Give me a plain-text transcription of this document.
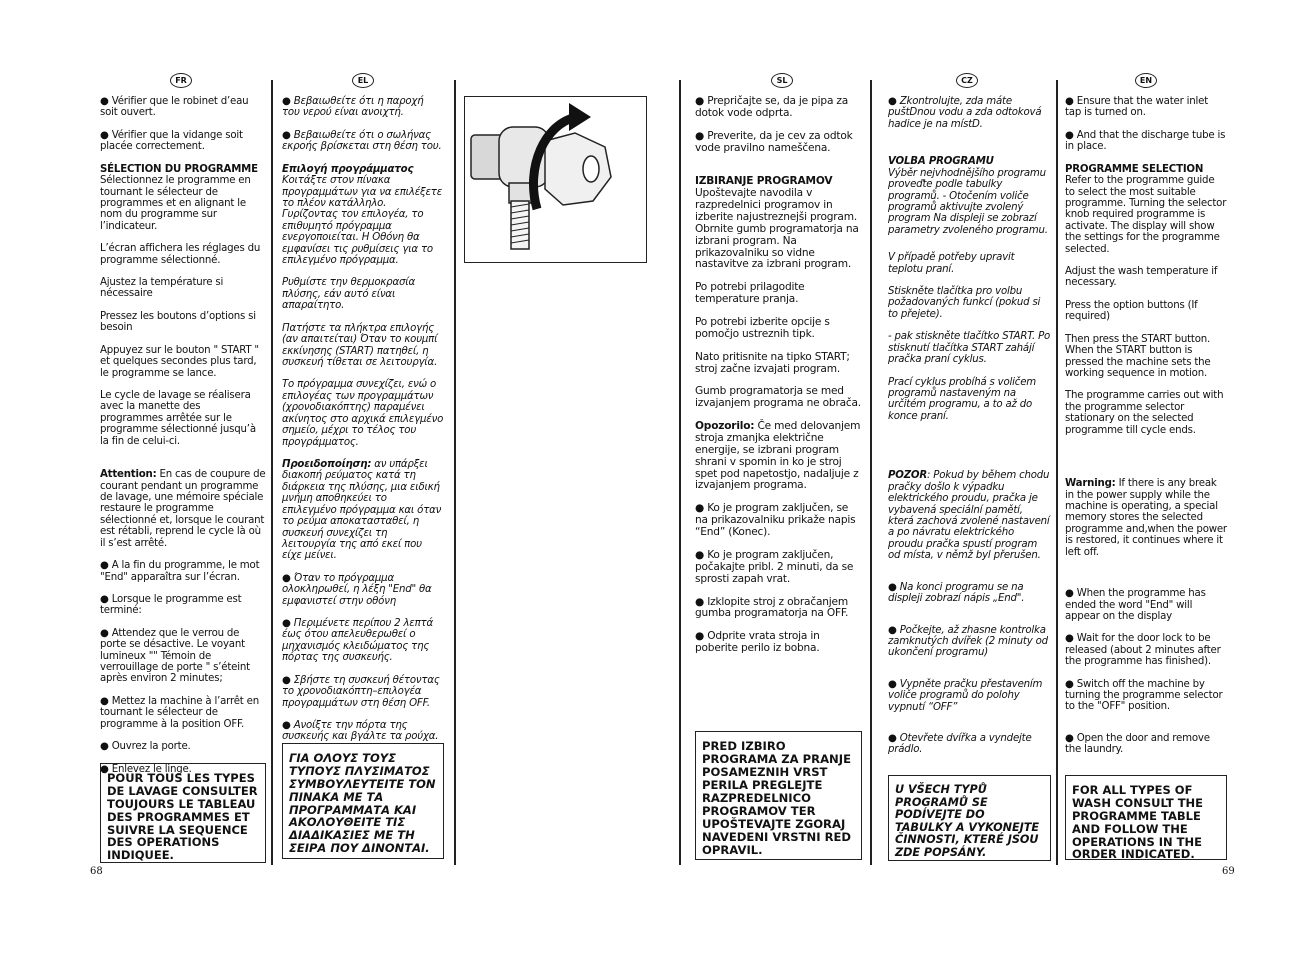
FR	EL	SL	CZ	EN

● Vérifier que le robinet d’eau soit ouvert.

● Vérifier que la vidange soit placée correctement.

SÉLECTION DU PROGRAMME
Sélectionnez le programme en tournant le sélecteur de programmes et en alignant le nom du programme sur l’indicateur.

L’écran affichera les réglages du programme sélectionné.

Ajustez la température si nécessaire

Pressez les boutons d’options si besoin

Appuyez sur le bouton " START " et quelques secondes plus tard, le programme se lance.

Le cycle de lavage se réalisera avec la manette des programmes arrêtée sur le programme sélectionné jusqu’à la fin de celui-ci.

Attention: En cas de coupure de courant pendant un programme de lavage, une mémoire spéciale restaure le programme sélectionné et, lorsque le courant est rétabli, reprend le cycle là où il s’est arrêté.

● A la fin du programme, le mot "End" apparaîtra sur l’écran.

● Lorsque le programme est terminé:

● Attendez que le verrou de porte se désactive. Le voyant lumineux "" Témoin de verrouillage de porte " s’éteint après environ 2 minutes;

● Mettez la machine à l’arrêt en tournant le sélecteur de programme à la position OFF.

● Ouvrez la porte.

● Enlevez le linge.

POUR TOUS LES TYPES DE LAVAGE CONSULTER TOUJOURS LE TABLEAU DES PROGRAMMES ET SUIVRE LA SEQUENCE DES OPERATIONS INDIQUEE.

● Βεβαιωθείτε ότι η παροχή του νερού είναι ανοιχτή.

● Βεβαιωθείτε ότι ο σωλήνας εκροής βρίσκεται στη θέση του.

Επιλογή προγράμματος
Κοιτάξτε στον πίνακα προγραμμάτων για να επιλέξετε το πλέον κατάλληλο. Γυρίζοντας τον επιλογέα, το επιθυμητό πρόγραμμα ενεργοποιείται. Η Οθόνη θα εμφανίσει τις ρυθμίσεις για το επιλεγμένο πρόγραμμα.

Ρυθμίστε την θερμοκρασία πλύσης, εάν αυτό είναι απαραίτητο.

Πατήστε τα πλήκτρα επιλογής (αν απαιτείται) Όταν το κουμπί εκκίνησης (START) πατηθεί, η συσκευή τίθεται σε λειτουργία.

Το πρόγραμμα συνεχίζει, ενώ ο επιλογέας των προγραμμάτων (χρονοδιακόπτης) παραμένει ακίνητος στο αρχικά επιλεγμένο σημείο, μέχρι το τέλος του προγράμματος.

Προειδοποίηση: αν υπάρξει διακοπή ρεύματος κατά τη διάρκεια της πλύσης, μια ειδική μνήμη αποθηκεύει το επιλεγμένο πρόγραμμα και όταν το ρεύμα αποκατασταθεί, η συσκευή συνεχίζει τη λειτουργία της από εκεί που είχε μείνει.

● Όταν το πρόγραμμα ολοκληρωθεί, η λέξη "End" θα εμφανιστεί στην οθόνη

● Περιμένετε περίπου 2 λεπτά έως ότου απελευθερωθεί ο μηχανισμός κλειδώματος της πόρτας της συσκευής.

● Σβήστε τη συσκευή θέτοντας το χρονοδιακόπτη–επιλογέα προγραμμάτων στη θέση OFF.

● Ανοίξτε την πόρτα της συσκευής και βγάλτε τα ρούχα.

ΓΙΑ ΟΛΟΥΣ ΤΟΥΣ ΤΥΠΟΥΣ ΠΛΥΣΙΜΑΤΟΣ ΣΥΜΒΟΥΛΕΥΤΕΙΤΕ ΤΟΝ ΠΙΝΑΚΑ ΜΕ ΤΑ ΠΡΟΓΡΑΜΜΑΤΑ ΚΑΙ ΑΚΟΛΟΥΘΕΙΤΕ ΤΙΣ ΔΙΑΔΙΚΑΣΙΕΣ ΜΕ ΤΗ ΣΕΙΡΑ ΠΟΥ ΔΙΝΟΝΤΑΙ.

● Prepričajte se, da je pipa za dotok vode odprta.

● Preverite, da je cev za odtok vode pravilno nameščena.

IZBIRANJE PROGRAMOV
Upoštevajte navodila v razpredelnici programov in izberite najustreznejši program. Obrnite gumb programatorja na izbrani program. Na prikazovalniku so vidne nastavitve za izbrani program.

Po potrebi prilagodite temperature pranja.

Po potrebi izberite opcije s pomočjo ustreznih tipk.

Nato pritisnite na tipko START; stroj začne izvajati program.

Gumb programatorja se med izvajanjem programa ne obrača.

Opozorilo: Če med delovanjem stroja zmanjka električne energije, se izbrani program shrani v spomin in ko je stroj spet pod napetostjo, nadaljuje z izvajanjem programa.

● Ko je program zaključen, se na prikazovalniku prikaže napis “End” (Konec).

● Ko je program zaključen, počakajte pribl. 2 minuti, da se sprosti zapah vrat.

● Izklopite stroj z obračanjem gumba programatorja na OFF.

● Odprite vrata stroja in poberite perilo iz bobna.

PRED IZBIRO PROGRAMA ZA PRANJE POSAMEZNIH VRST PERILA PREGLEJTE RAZPREDELNICO PROGRAMOV TER UPOŠTEVAJTE ZGORAJ NAVEDENI VRSTNI RED OPRAVIL.

● Zkontrolujte, zda máte puštDnou vodu a zda odtoková hadice je na místD.

VOLBA PROGRAMU
Výběr nejvhodnějšího programu proveďte podle tabulky programů. - Otočením voliče programů aktivujte zvolený program Na displeji se zobrazí parametry zvoleného programu.

V případě potřeby upravit teplotu praní.

Stiskněte tlačítka pro volbu požadovaných funkcí (pokud si to přejete).

- pak stiskněte tlačítko START. Po stisknutí tlačítka START zahájí pračka praní cyklus.

Prací cyklus probíhá s voličem programů nastaveným na určitém programu, a to až do konce praní.

POZOR: Pokud by během chodu pračky došlo k výpadku elektrického proudu, pračka je vybavená speciální pamětí, která zachová zvolené nastavení a po návratu elektrického proudu pračka spustí program od místa, v němž byl přerušen.

● Na konci programu se na displeji zobrazí nápis „End".

● Počkejte, až zhasne kontrolka zamknutých dvířek (2 minuty od ukončení programu)

● Vypněte pračku přestavením voliče programů do polohy vypnutí “OFF”

● Otevřete dvířka a vyndejte prádlo.

U VŠECH TYPŮ PROGRAMŮ SE PODÍVEJTE DO TABULKY A VYKONEJTE ČINNOSTI, KTERÉ JSOU ZDE POPSÁNY.

● Ensure that the water inlet tap is turned on.

● And that the discharge tube is in place.

PROGRAMME SELECTION
Refer to the programme guide to select the most suitable programme. Turning the selector knob required programme is activate. The display will show the settings for the programme selected.

Adjust the wash temperature if necessary.

Press the option buttons (If required)

Then press the START button. When the START button is pressed the machine sets the working sequence in motion.

The programme carries out with the programme selector stationary on the selected programme till cycle ends.

Warning: If there is any break in the power supply while the machine is operating, a special memory stores the selected programme and,when the power is restored, it continues where it left off.

● When the programme has ended the word "End" will appear on the display

● Wait for the door lock to be released (about 2 minutes after the programme has finished).

● Switch off the machine by turning the programme selector to the "OFF" position.

● Open the door and remove the laundry.

FOR ALL TYPES OF WASH CONSULT THE PROGRAMME TABLE AND FOLLOW THE OPERATIONS IN THE ORDER INDICATED.
68	69
